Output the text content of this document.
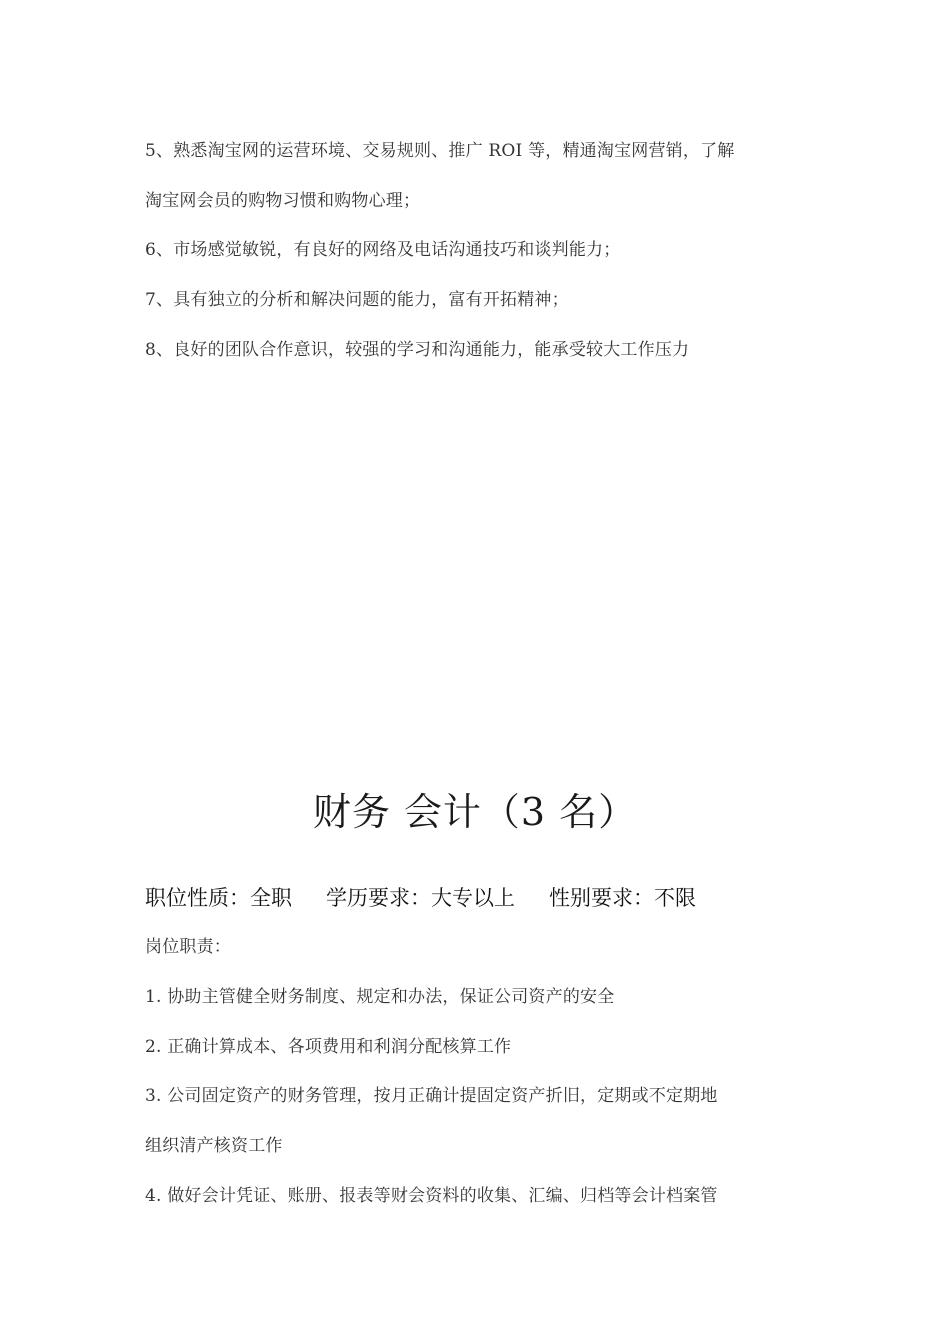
5、熟悉淘宝网的运营环境、交易规则、推广 ROI 等，精通淘宝网营销，了解
淘宝网会员的购物习惯和购物心理；
6、市场感觉敏锐，有良好的网络及电话沟通技巧和谈判能力；
7、具有独立的分析和解决问题的能力，富有开拓精神；
8、良好的团队合作意识，较强的学习和沟通能力，能承受较大工作压力
财务 会计（3 名）
职位性质：全职 学历要求：大专以上 性别要求：不限
岗位职责：
1. 协助主管健全财务制度、规定和办法，保证公司资产的安全
2. 正确计算成本、各项费用和利润分配核算工作
3. 公司固定资产的财务管理，按月正确计提固定资产折旧，定期或不定期地
组织清产核资工作
4. 做好会计凭证、账册、报表等财会资料的收集、汇编、归档等会计档案管
